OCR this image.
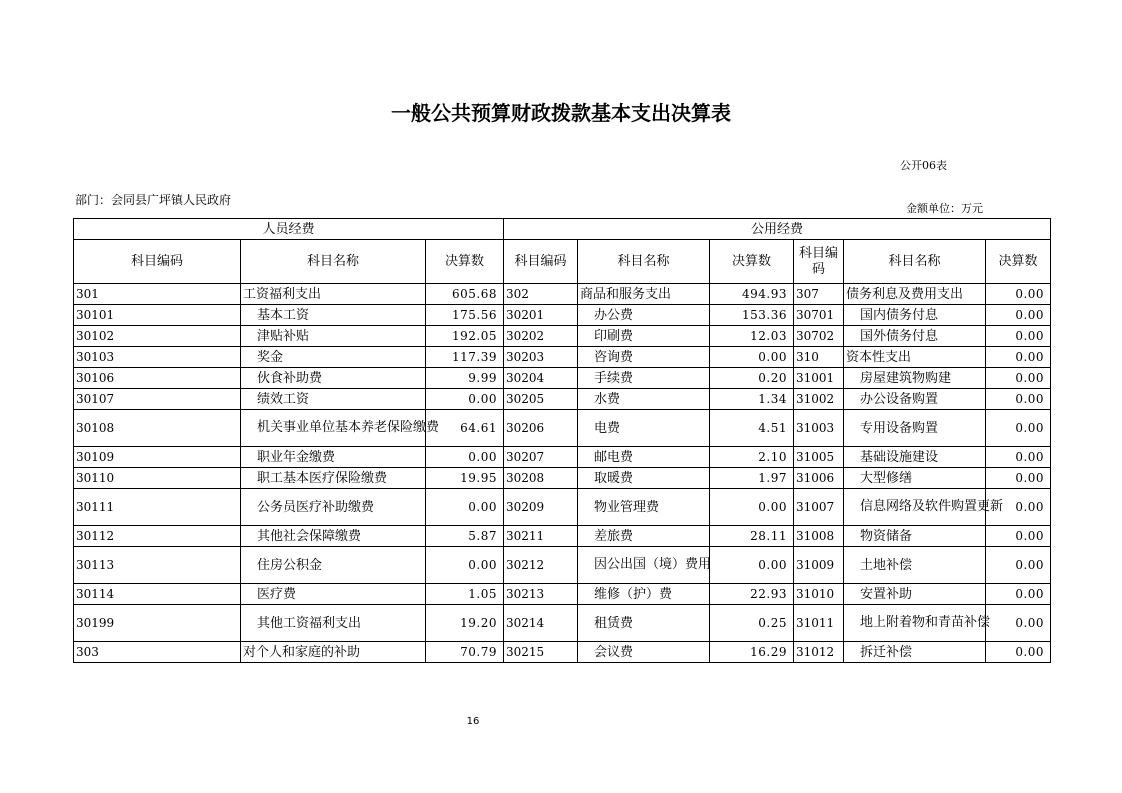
一般公共预算财政拨款基本支出决算表
公开06表
部门：会同县广坪镇人民政府
金额单位：万元
人员经费			公用经费					
科目编码	科目名称	决算数	科目编码	科目名称	决算数	科目编码	科目名称	决算数
301	工资福利支出	605.68	302	商品和服务支出	494.93	307	债务利息及费用支出	0.00
30101	基本工资	175.56	30201	办公费	153.36	30701	国内债务付息	0.00
30102	津贴补贴	192.05	30202	印刷费	12.03	30702	国外债务付息	0.00
30103	奖金	117.39	30203	咨询费	0.00	310	资本性支出	0.00
30106	伙食补助费	9.99	30204	手续费	0.20	31001	房屋建筑物购建	0.00
30107	绩效工资	0.00	30205	水费	1.34	31002	办公设备购置	0.00
30108	机关事业单位基本养老保险缴费	64.61	30206	电费	4.51	31003	专用设备购置	0.00
30109	职业年金缴费	0.00	30207	邮电费	2.10	31005	基础设施建设	0.00
30110	职工基本医疗保险缴费	19.95	30208	取暖费	1.97	31006	大型修缮	0.00
30111	公务员医疗补助缴费	0.00	30209	物业管理费	0.00	31007	信息网络及软件购置更新	0.00
30112	其他社会保障缴费	5.87	30211	差旅费	28.11	31008	物资储备	0.00
30113	住房公积金	0.00	30212	因公出国（境）费用	0.00	31009	土地补偿	0.00
30114	医疗费	1.05	30213	维修（护）费	22.93	31010	安置补助	0.00
30199	其他工资福利支出	19.20	30214	租赁费	0.25	31011	地上附着物和青苗补偿	0.00
303	对个人和家庭的补助	70.79	30215	会议费	16.29	31012	拆迁补偿	0.00
16
